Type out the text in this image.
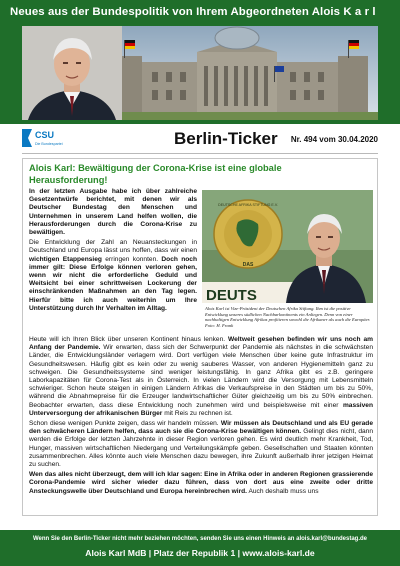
Neues aus der Bundespolitik von Ihrem Abgeordneten Alois K a r l
CSU
Die Bundespartei	Berlin-Ticker Nr. 494 vom 30.04.2020
Alois Karl: Bewältigung der Corona-Krise ist eine globale
Herausforderung!

In der letzten Ausgabe habe ich über zahlreiche Gesetzentwürfe berichtet, mit denen wir als Deutscher Bundestag den Menschen und Unternehmen in unserem Land helfen wollen, die Herausforderungen durch die Corona-Krise zu bewältigen.

Die Entwicklung der Zahl an Neuansteckungen in Deutschland und Europa lässt uns hoffen, dass wir einen wichtigen Etappensieg erringen konnten. Doch noch immer gilt: Diese Erfolge können verloren gehen, wenn wir nicht die erforderliche Geduld und Weitsicht bei einer schrittweisen Lockerung der einschränkenden Maßnahmen an den Tag legen. Hierfür bitte ich auch weiterhin um Ihre Unterstützung durch Ihr Verhalten im Alltag.

DAS
DEUTSCHE AFRIKA STIFTUNG E.V.
DEUTS
Alois Karl ist Vize-Präsident der Deutschen Afrika Stiftung. Ihm ist die positive Entwicklung unseres südlichen Nachbarkontinents ein Anliegen. Denn von einer nachhaltigen Entwicklung Afrikas profitieren sowohl die Afrikaner als auch die Europäer. Foto: H. Frank

Heute will ich Ihren Blick über unseren Kontinent hinaus lenken. Weltweit gesehen befinden wir uns noch am Anfang der Pandemie. Wir erwarten, dass sich der Schwerpunkt der Pandemie als nächstes in die schwächsten Länder, die Entwicklungsländer verlagern wird. Dort verfügen viele Menschen über keine gute Infrastruktur im Gesundheitswesen. Häufig gibt es kein oder zu wenig sauberes Wasser, von anderen Hygienemitteln ganz zu schweigen. Die Gesundheitssysteme sind weniger leistungsfähig. In ganz Afrika gibt es z.B. geringere Laborkapazitäten für Corona-Test als in Österreich. In vielen Ländern wird die Versorgung mit Lebensmitteln schwieriger. Schon heute steigen in einigen Ländern Afrikas die Verkaufspreise in den Städten um bis zu 50%, während die Abnahmepreise für die Erzeuger landwirtschaftlicher Güter gleichzeitig um bis zu 50% einbrechen. Beobachter erwarten, dass diese Entwicklung noch zunehmen wird und beispielsweise mit einer massiven Unterversorgung der afrikanischen Bürger mit Reis zu rechnen ist.

Schon diese wenigen Punkte zeigen, dass wir handeln müssen. Wir müssen als Deutschland und als EU gerade den schwächeren Ländern helfen, dass auch sie die Corona-Krise bewältigen können. Gelingt dies nicht, dann werden die Erfolge der letzten Jahrzehnte in dieser Region verloren gehen. Es wird deutlich mehr Krankheit, Tod, Hunger, massiven wirtschaftlichen Niedergang und Verteilungskämpfe geben. Gesellschaften und Staaten könnten zusammenbrechen. Alles könnte auch viele Menschen dazu bewegen, ihre Zukunft außerhalb ihrer jetzigen Heimat zu suchen.

Wen das alles nicht überzeugt, dem will ich klar sagen: Eine in Afrika oder in anderen Regionen grassierende Corona-Pandemie wird sicher wieder dazu führen, dass von dort aus eine zweite oder dritte Ansteckungswelle über Deutschland und Europa hereinbrechen wird. Auch deshalb muss uns

Wenn Sie den Berlin-Ticker nicht mehr beziehen möchten, senden Sie uns einen Hinweis an alois.karl@bundestag.de
Alois Karl MdB | Platz der Republik 1 | www.alois-karl.de
